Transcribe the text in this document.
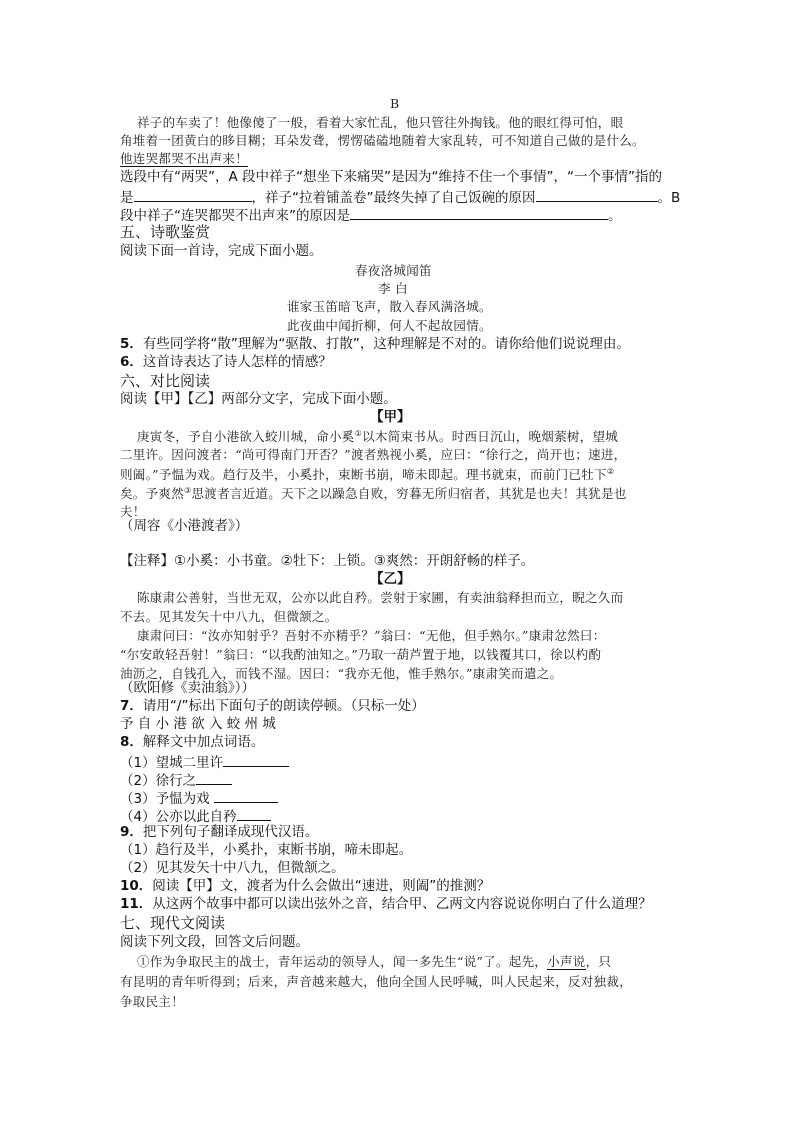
B
祥子的车卖了！他像傻了一般，看着大家忙乱，他只管往外掏钱。他的眼红得可怕，眼
角堆着一团黄白的眵目糊；耳朵发聋，愣愣磕磕地随着大家乱转，可不知道自己做的是什么。
他连哭都哭不出声来！
选段中有“两哭”，A 段中祥子“想坐下来痛哭”是因为“维持不住一个事情”，“一个事情”指的
是	，祥子“拉着铺盖卷”最终失掉了自己饭碗的原因	。B
段中祥子“连哭都哭不出声来”的原因是	。
五、诗歌鉴赏
阅读下面一首诗，完成下面小题。
春夜洛城闻笛
李 白
谁家玉笛暗飞声，散入春风满洛城。
此夜曲中闻折柳，何人不起故园情。
5．有些同学将“散”理解为“驱散、打散”，这种理解是不对的。请你给他们说说理由。
6．这首诗表达了诗人怎样的情感？
六、对比阅读
阅读【甲】【乙】两部分文字，完成下面小题。
【甲】
庚寅冬，予自小港欲入蛟川城，命小奚①以木简束书从。时西日沉山，晚烟萦树，望城
二里许。因问渡者：“尚可得南门开否？”渡者熟视小奚，应曰：“徐行之，尚开也；速进，
则阖。”予愠为戏。趋行及半，小奚扑，束断书崩，啼未即起。理书就束，而前门已牡下②
矣。予爽然③思渡者言近道。天下之以躁急自败，穷暮无所归宿者，其犹是也夫！其犹是也
夫！
（周容《小港渡者》）
【注释】①小奚：小书童。②牡下：上锁。③爽然：开朗舒畅的样子。
【乙】
陈康肃公善射，当世无双，公亦以此自矜。尝射于家圃，有卖油翁释担而立，睨之久而
不去。见其发矢十中八九，但微颔之。
康肃问曰：“汝亦知射乎？吾射不亦精乎？”翁曰：“无他，但手熟尔。”康肃忿然曰：
“尔安敢轻吾射！”翁曰：“以我酌油知之。”乃取一葫芦置于地，以钱覆其口，徐以杓酌
油沥之，自钱孔入，而钱不湿。因曰：“我亦无他，惟手熟尔。”康肃笑而遣之。
（欧阳修《卖油翁》））
7．请用“/”标出下面句子的朗读停顿。（只标一处）
予 自 小 港 欲 入 蛟 州 城
8．解释文中加点词语。
（1）望城二里许
（2）徐行之
（3）予愠为戏
（4）公亦以此自矜
9．把下列句子翻译成现代汉语。
（1）趋行及半，小奚扑，束断书崩，啼未即起。
（2）见其发矢十中八九，但微颔之。
10．阅读【甲】文，渡者为什么会做出“速进，则阖”的推测？
11．从这两个故事中都可以读出弦外之音，结合甲、乙两文内容说说你明白了什么道理？
七、现代文阅读
阅读下列文段，回答文后问题。
①作为争取民主的战士，青年运动的领导人，闻一多先生“说”了。起先，小声说，只
有昆明的青年听得到；后来，声音越来越大，他向全国人民呼喊，叫人民起来，反对独裁，
争取民主！
